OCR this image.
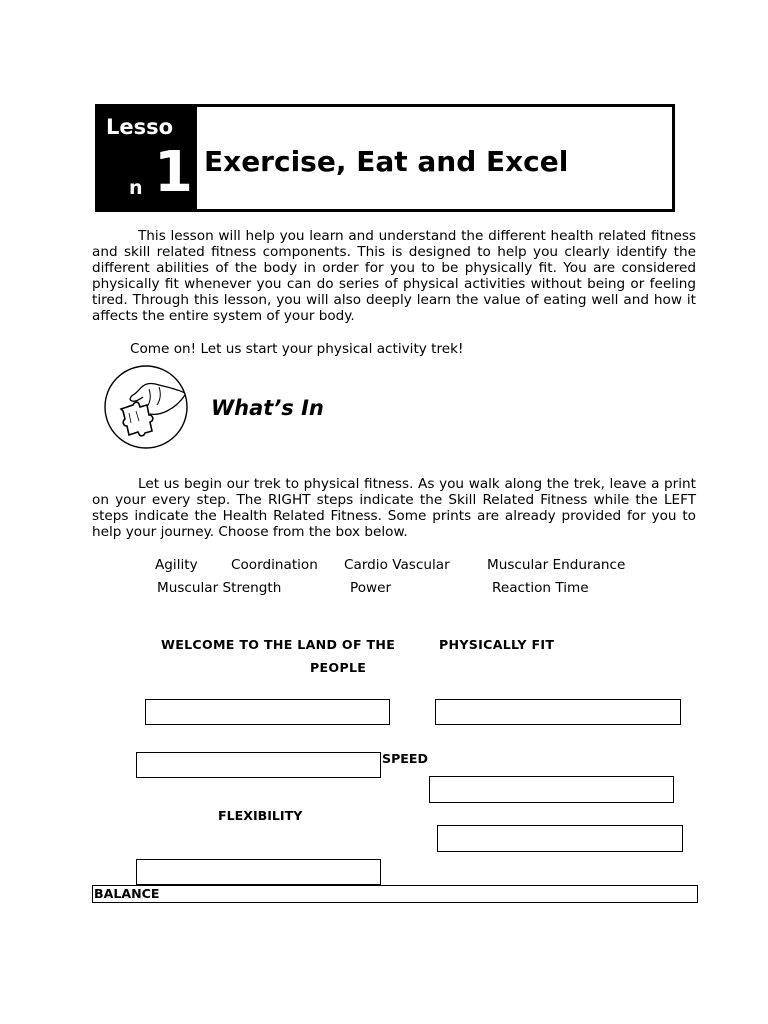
Lesso
n 1 Exercise, Eat and Excel
This lesson will help you learn and understand the different health related fitness and skill related fitness components. This is designed to help you clearly identify the different abilities of the body in order for you to be physically fit. You are considered physically fit whenever you can do series of physical activities without being or feeling tired. Through this lesson, you will also deeply learn the value of eating well and how it affects the entire system of your body.
Come on! Let us start your physical activity trek!
What’s In
Let us begin our trek to physical fitness. As you walk along the trek, leave a print on your every step. The RIGHT steps indicate the Skill Related Fitness while the LEFT steps indicate the Health Related Fitness. Some prints are already provided for you to help your journey. Choose from the box below.
Agility Coordination Cardio Vascular	Muscular Endurance
Muscular Strength	Power	Reaction Time
WELCOME TO THE LAND OF THE	PHYSICALLY FIT
PEOPLE
SPEED
FLEXIBILITY
BALANCE
